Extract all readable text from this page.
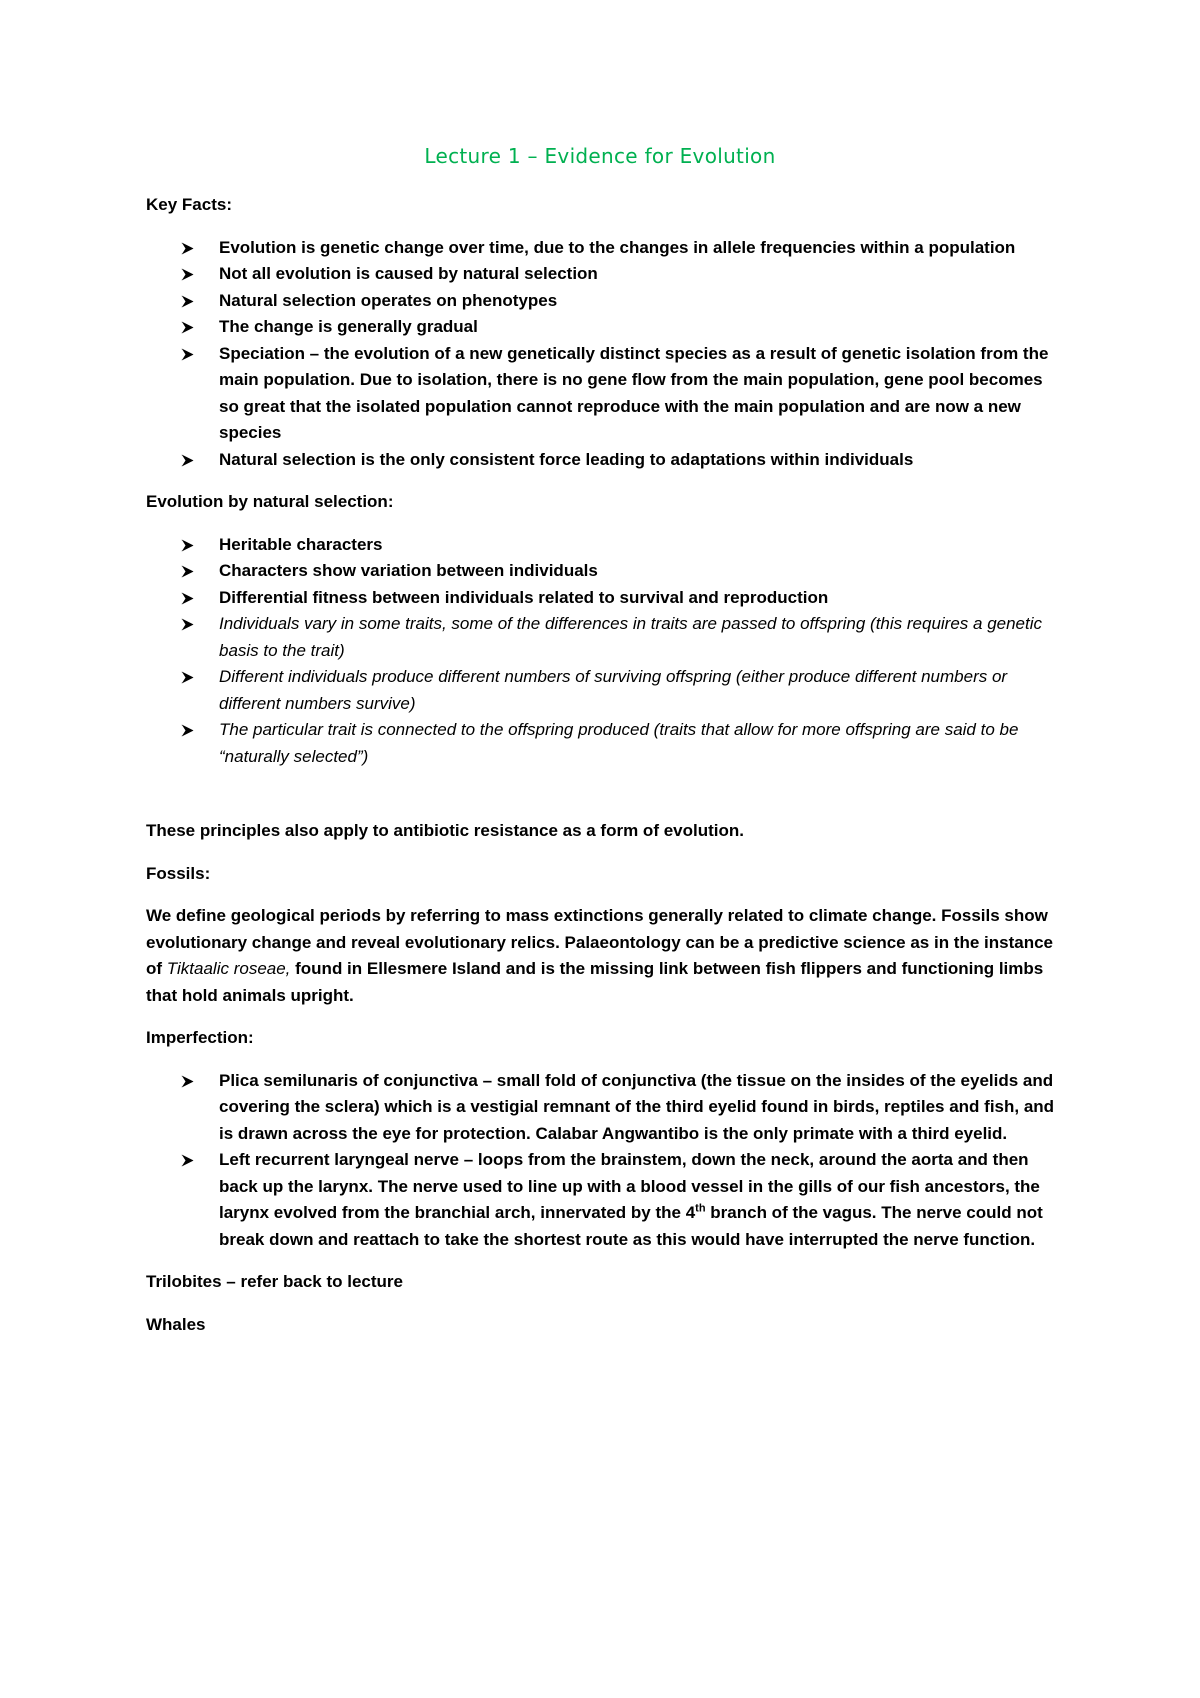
Lecture 1 – Evidence for Evolution
Key Facts:
Evolution is genetic change over time, due to the changes in allele frequencies within a population
Not all evolution is caused by natural selection
Natural selection operates on phenotypes
The change is generally gradual
Speciation – the evolution of a new genetically distinct species as a result of genetic isolation from the main population. Due to isolation, there is no gene flow from the main population, gene pool becomes so great that the isolated population cannot reproduce with the main population and are now a new species
Natural selection is the only consistent force leading to adaptations within individuals
Evolution by natural selection:
Heritable characters
Characters show variation between individuals
Differential fitness between individuals related to survival and reproduction
Individuals vary in some traits, some of the differences in traits are passed to offspring (this requires a genetic basis to the trait)
Different individuals produce different numbers of surviving offspring (either produce different numbers or different numbers survive)
The particular trait is connected to the offspring produced (traits that allow for more offspring are said to be “naturally selected”)
These principles also apply to antibiotic resistance as a form of evolution.
Fossils:
We define geological periods by referring to mass extinctions generally related to climate change. Fossils show evolutionary change and reveal evolutionary relics. Palaeontology can be a predictive science as in the instance of Tiktaalic roseae, found in Ellesmere Island and is the missing link between fish flippers and functioning limbs that hold animals upright.
Imperfection:
Plica semilunaris of conjunctiva – small fold of conjunctiva (the tissue on the insides of the eyelids and covering the sclera) which is a vestigial remnant of the third eyelid found in birds, reptiles and fish, and is drawn across the eye for protection. Calabar Angwantibo is the only primate with a third eyelid.
Left recurrent laryngeal nerve – loops from the brainstem, down the neck, around the aorta and then back up the larynx. The nerve used to line up with a blood vessel in the gills of our fish ancestors, the larynx evolved from the branchial arch, innervated by the 4th branch of the vagus. The nerve could not break down and reattach to take the shortest route as this would have interrupted the nerve function.
Trilobites – refer back to lecture
Whales
